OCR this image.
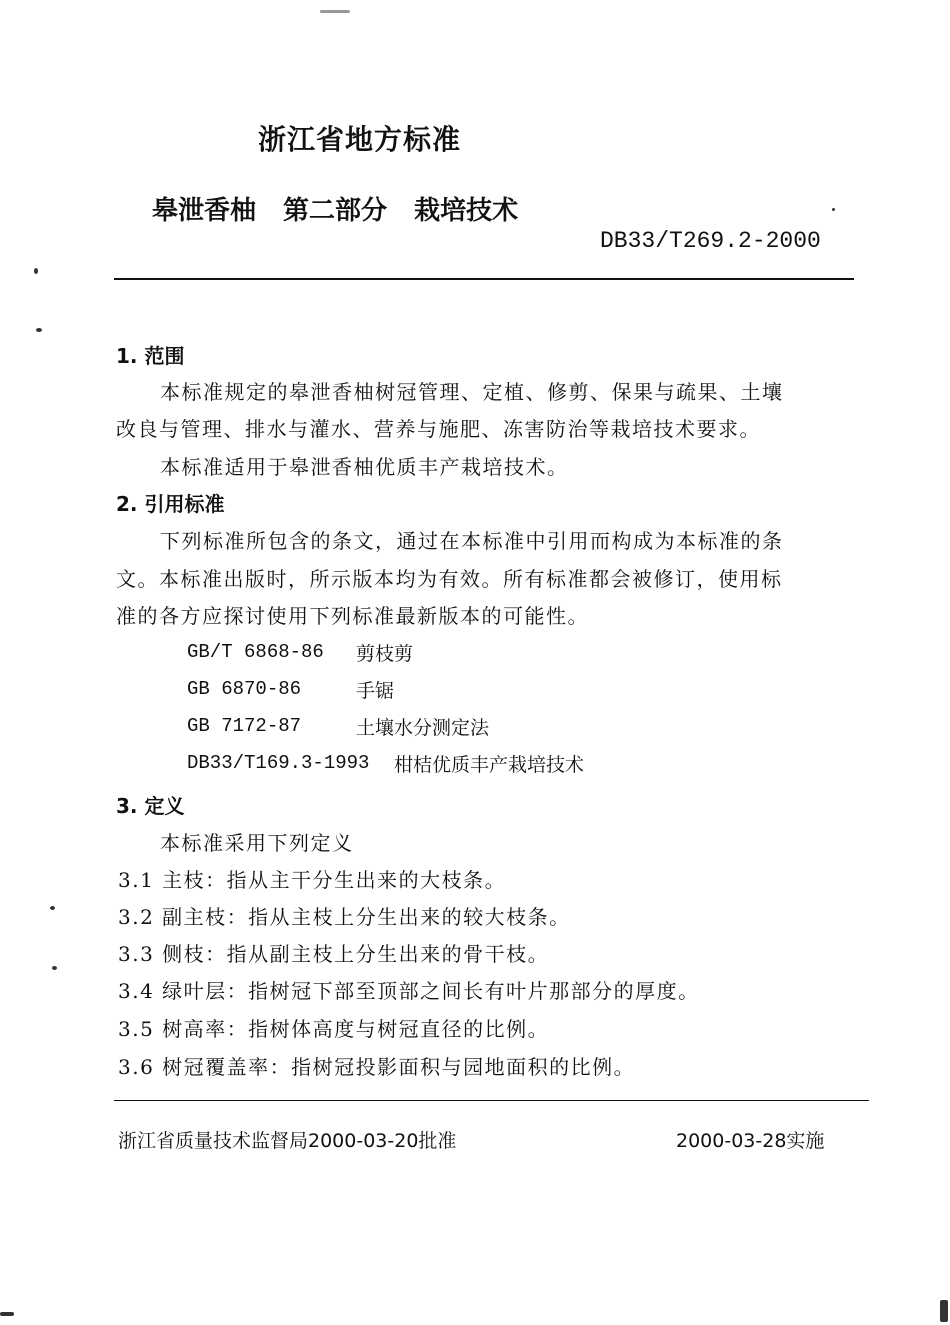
浙江省地方标准
皋泄香柚 第二部分 栽培技术
DB33/T269.2-2000
1. 范围
本标准规定的皋泄香柚树冠管理、定植、修剪、保果与疏果、土壤
改良与管理、排水与灌水、营养与施肥、冻害防治等栽培技术要求。
本标准适用于皋泄香柚优质丰产栽培技术。
2. 引用标准
下列标准所包含的条文，通过在本标准中引用而构成为本标准的条
文。本标准出版时，所示版本均为有效。所有标准都会被修订，使用标
准的各方应探讨使用下列标准最新版本的可能性。
GB/T 6868-86 剪枝剪
GB 6870-86	手锯
GB 7172-87	土壤水分测定法
DB33/T169.3-1993 柑桔优质丰产栽培技术
3. 定义
本标准采用下列定义
3.1 主枝：指从主干分生出来的大枝条。
3.2 副主枝：指从主枝上分生出来的较大枝条。
3.3 侧枝：指从副主枝上分生出来的骨干枝。
3.4 绿叶层：指树冠下部至顶部之间长有叶片那部分的厚度。
3.5 树高率：指树体高度与树冠直径的比例。
3.6 树冠覆盖率：指树冠投影面积与园地面积的比例。
浙江省质量技术监督局2000-03-20批准	2000-03-28实施
